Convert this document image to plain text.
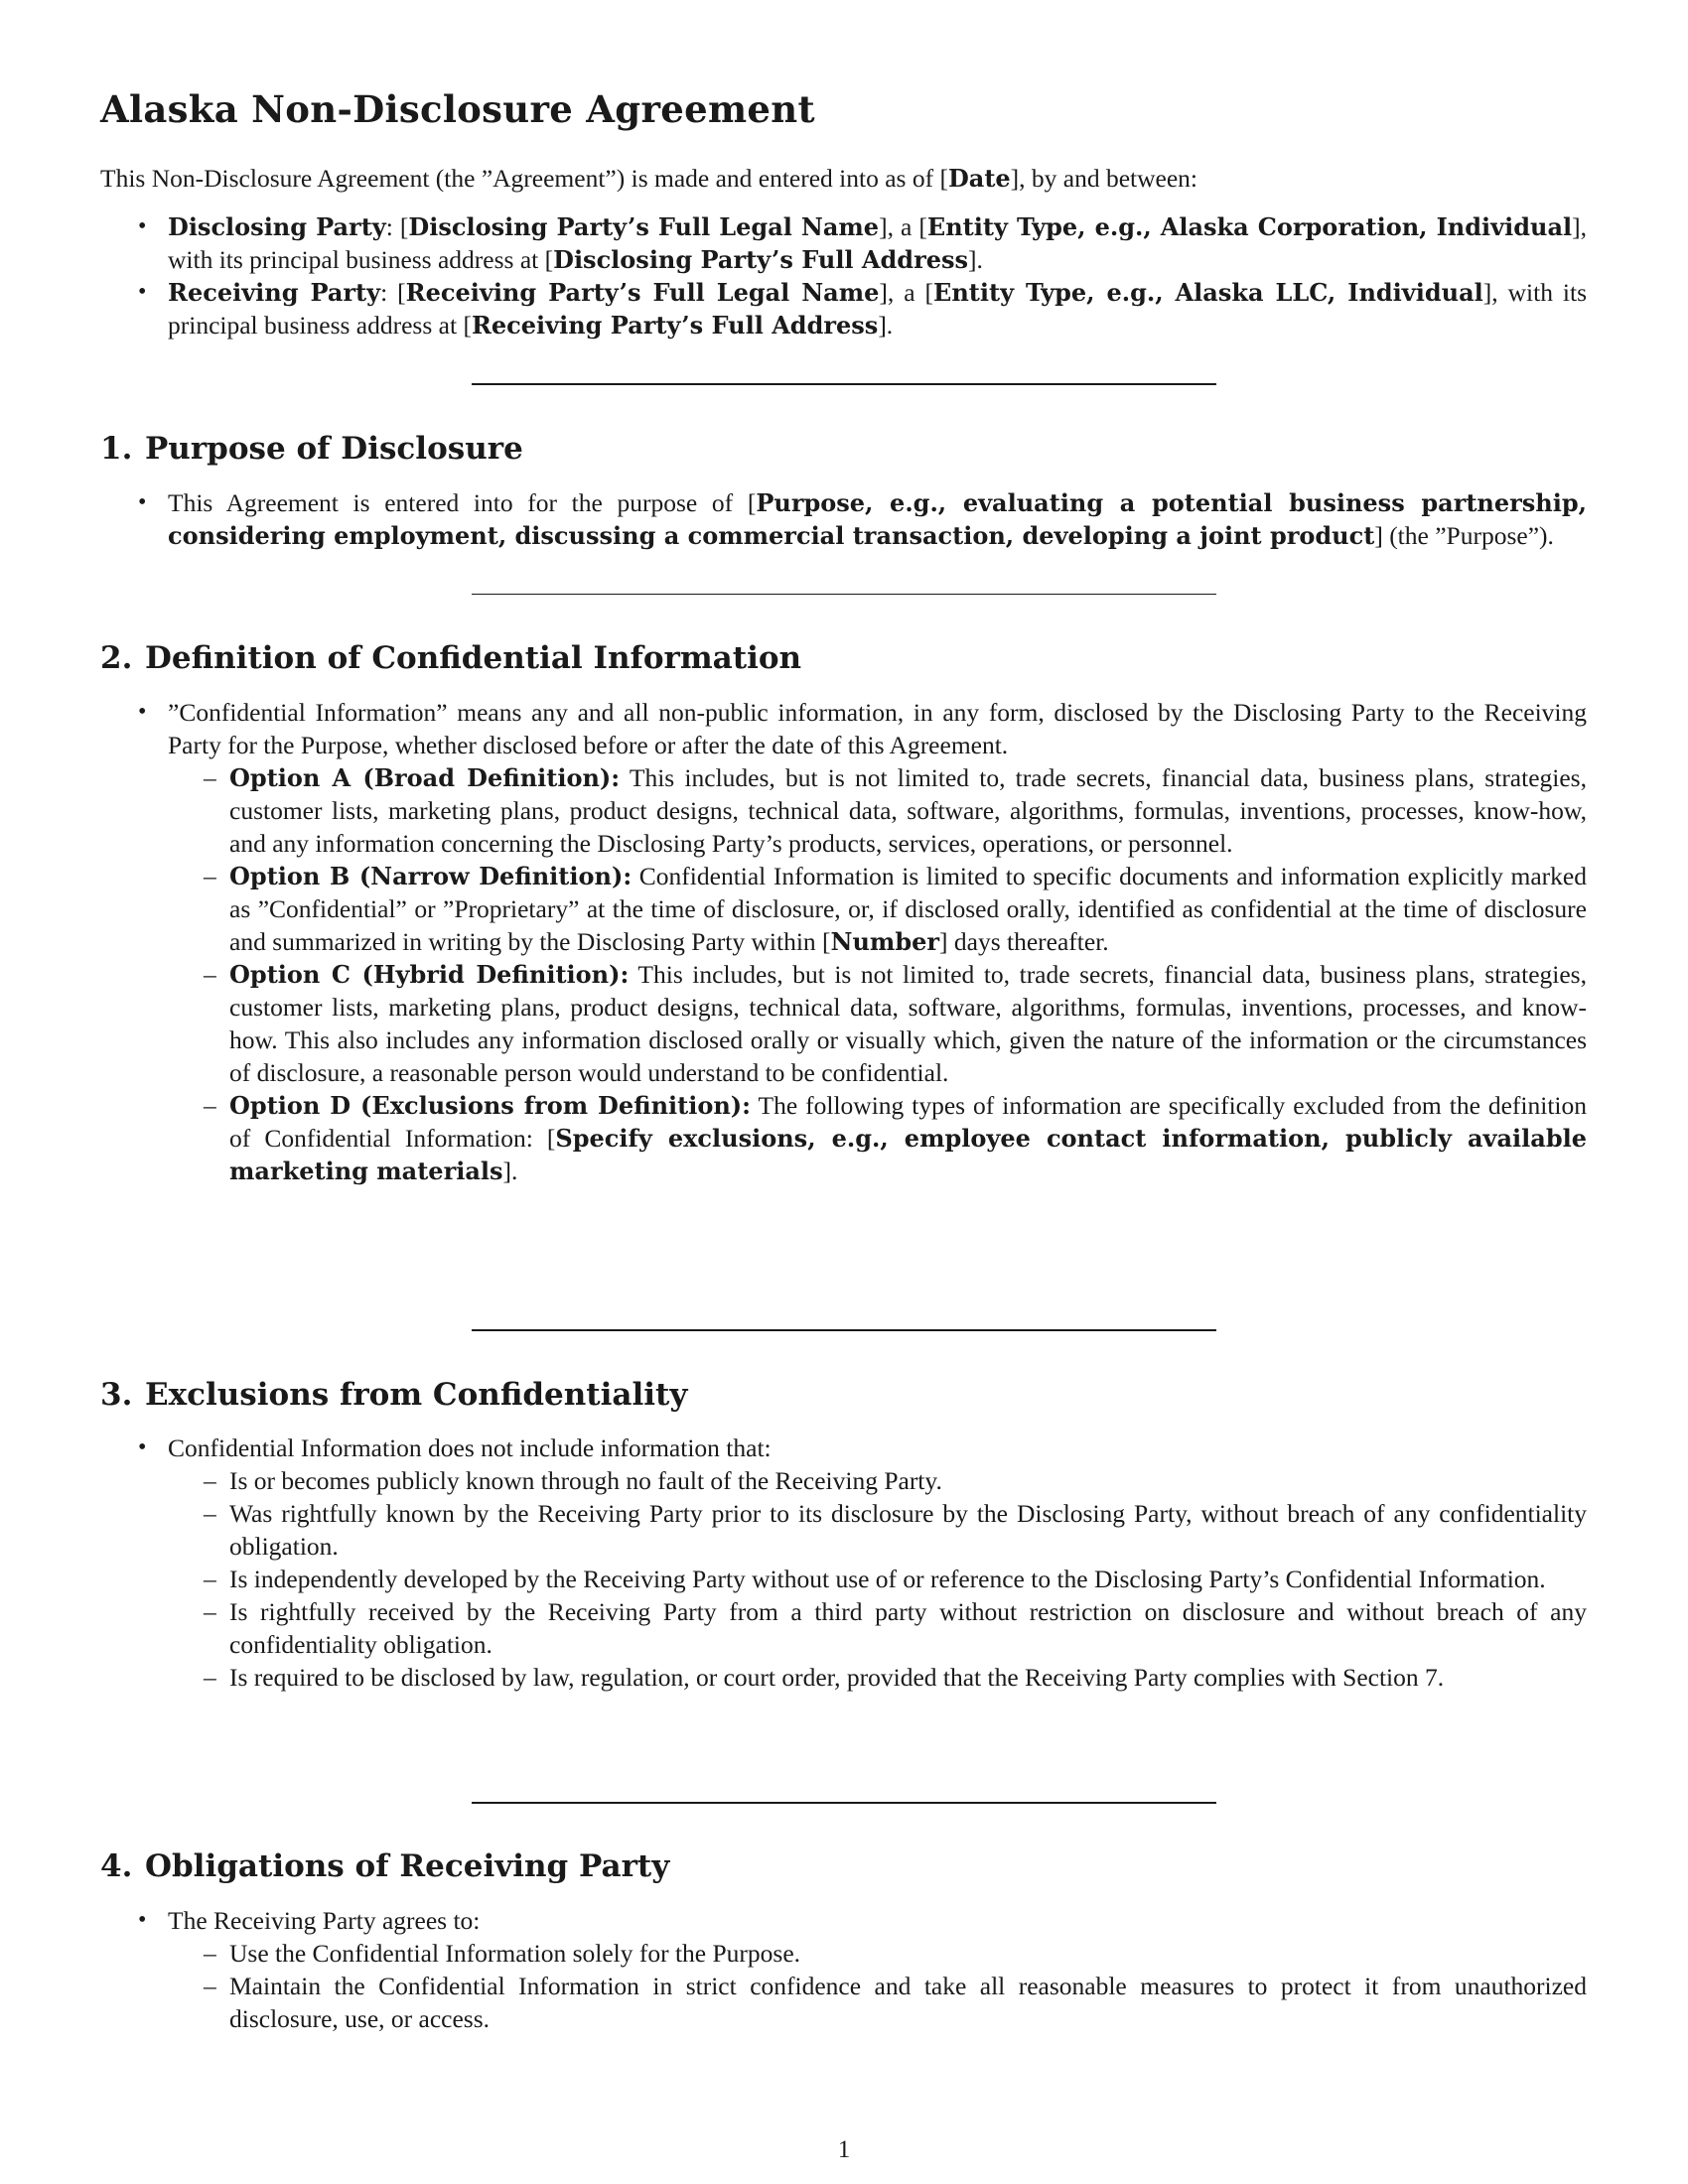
Alaska Non-Disclosure Agreement

This Non-Disclosure Agreement (the ”Agreement”) is made and entered into as of [Date], by and between:

• Disclosing Party: [Disclosing Party’s Full Legal Name], a [Entity Type, e.g., Alaska Corporation, Individual], with its principal business address at [Disclosing Party’s Full Address].
• Receiving Party: [Receiving Party’s Full Legal Name], a [Entity Type, e.g., Alaska LLC, Individual], with its principal business address at [Receiving Party’s Full Address].
1. Purpose of Disclosure
• This Agreement is entered into for the purpose of [Purpose, e.g., evaluating a potential business partnership, considering employment, discussing a commercial transaction, developing a joint product] (the ”Purpose”).
2. Definition of Confidential Information
• ”Confidential Information” means any and all non-public information, in any form, disclosed by the Disclosing Party to the Receiving Party for the Purpose, whether disclosed before or after the date of this Agreement.
– Option A (Broad Definition): This includes, but is not limited to, trade secrets, financial data, business plans, strategies, customer lists, marketing plans, product designs, technical data, software, algorithms, formulas, inventions, processes, know-how, and any information concerning the Disclosing Party’s products, services, operations, or personnel.
– Option B (Narrow Definition): Confidential Information is limited to specific documents and information explicitly marked as ”Confidential” or ”Proprietary” at the time of disclosure, or, if disclosed orally, identified as confidential at the time of disclosure and summarized in writing by the Disclosing Party within [Number] days thereafter.
– Option C (Hybrid Definition): This includes, but is not limited to, trade secrets, financial data, business plans, strategies, customer lists, marketing plans, product designs, technical data, software, algorithms, formulas, inventions, processes, and know-how. This also includes any information disclosed orally or visually which, given the nature of the information or the circumstances of disclosure, a reasonable person would understand to be confidential.
– Option D (Exclusions from Definition): The following types of information are specifically excluded from the definition of Confidential Information: [Specify exclusions, e.g., employee contact information, publicly available marketing materials].
3. Exclusions from Confidentiality
• Confidential Information does not include information that:
– Is or becomes publicly known through no fault of the Receiving Party.
– Was rightfully known by the Receiving Party prior to its disclosure by the Disclosing Party, without breach of any confidentiality obligation.
– Is independently developed by the Receiving Party without use of or reference to the Disclosing Party’s Confidential Information.
– Is rightfully received by the Receiving Party from a third party without restriction on disclosure and without breach of any confidentiality obligation.
– Is required to be disclosed by law, regulation, or court order, provided that the Receiving Party complies with Section 7.
4. Obligations of Receiving Party
• The Receiving Party agrees to:
– Use the Confidential Information solely for the Purpose.
– Maintain the Confidential Information in strict confidence and take all reasonable measures to protect it from unauthorized disclosure, use, or access.
1
